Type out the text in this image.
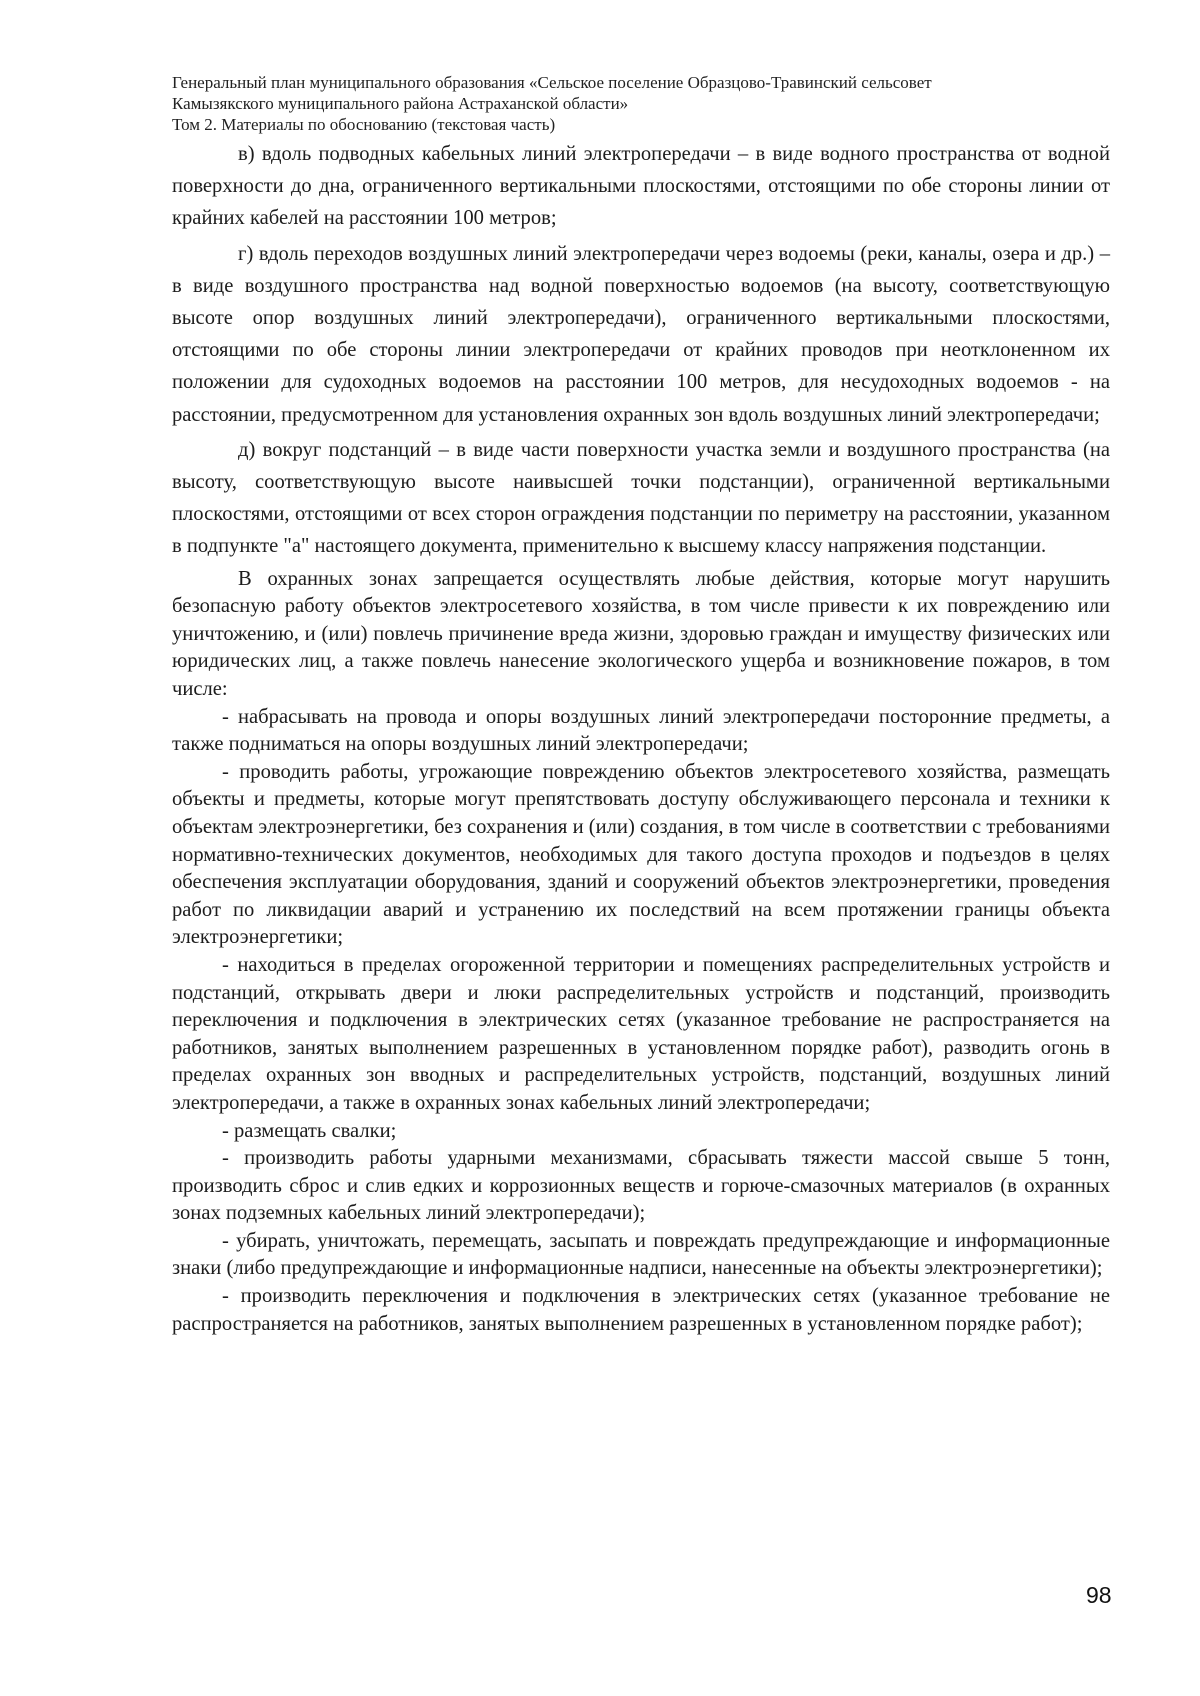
Генеральный план муниципального образования «Сельское поселение Образцово-Травинский сельсовет
Камызякского муниципального района Астраханской области»
Том 2. Материалы по обоснованию (текстовая часть)

в) вдоль подводных кабельных линий электропередачи – в виде водного пространства от водной поверхности до дна, ограниченного вертикальными плоскостями, отстоящими по обе стороны линии от крайних кабелей на расстоянии 100 метров;

г) вдоль переходов воздушных линий электропередачи через водоемы (реки, каналы, озера и др.) – в виде воздушного пространства над водной поверхностью водоемов (на высоту, соответствующую высоте опор воздушных линий электропередачи), ограниченного вертикальными плоскостями, отстоящими по обе стороны линии электропередачи от крайних проводов при неотклоненном их положении для судоходных водоемов на расстоянии 100 метров, для несудоходных водоемов - на расстоянии, предусмотренном для установления охранных зон вдоль воздушных линий электропередачи;

д) вокруг подстанций – в виде части поверхности участка земли и воздушного пространства (на высоту, соответствующую высоте наивысшей точки подстанции), ограниченной вертикальными плоскостями, отстоящими от всех сторон ограждения подстанции по периметру на расстоянии, указанном в подпункте "а" настоящего документа, применительно к высшему классу напряжения подстанции.

В охранных зонах запрещается осуществлять любые действия, которые могут нарушить безопасную работу объектов электросетевого хозяйства, в том числе привести к их повреждению или уничтожению, и (или) повлечь причинение вреда жизни, здоровью граждан и имуществу физических или юридических лиц, а также повлечь нанесение экологического ущерба и возникновение пожаров, в том числе:

- набрасывать на провода и опоры воздушных линий электропередачи посторонние предметы, а также подниматься на опоры воздушных линий электропередачи;

- проводить работы, угрожающие повреждению объектов электросетевого хозяйства, размещать объекты и предметы, которые могут препятствовать доступу обслуживающего персонала и техники к объектам электроэнергетики, без сохранения и (или) создания, в том числе в соответствии с требованиями нормативно-технических документов, необходимых для такого доступа проходов и подъездов в целях обеспечения эксплуатации оборудования, зданий и сооружений объектов электроэнергетики, проведения работ по ликвидации аварий и устранению их последствий на всем протяжении границы объекта электроэнергетики;

- находиться в пределах огороженной территории и помещениях распределительных устройств и подстанций, открывать двери и люки распределительных устройств и подстанций, производить переключения и подключения в электрических сетях (указанное требование не распространяется на работников, занятых выполнением разрешенных в установленном порядке работ), разводить огонь в пределах охранных зон вводных и распределительных устройств, подстанций, воздушных линий электропередачи, а также в охранных зонах кабельных линий электропередачи;

- размещать свалки;

- производить работы ударными механизмами, сбрасывать тяжести массой свыше 5 тонн, производить сброс и слив едких и коррозионных веществ и горюче-смазочных материалов (в охранных зонах подземных кабельных линий электропередачи);

- убирать, уничтожать, перемещать, засыпать и повреждать предупреждающие и информационные знаки (либо предупреждающие и информационные надписи, нанесенные на объекты электроэнергетики);

- производить переключения и подключения в электрических сетях (указанное требование не распространяется на работников, занятых выполнением разрешенных в установленном порядке работ);

98
